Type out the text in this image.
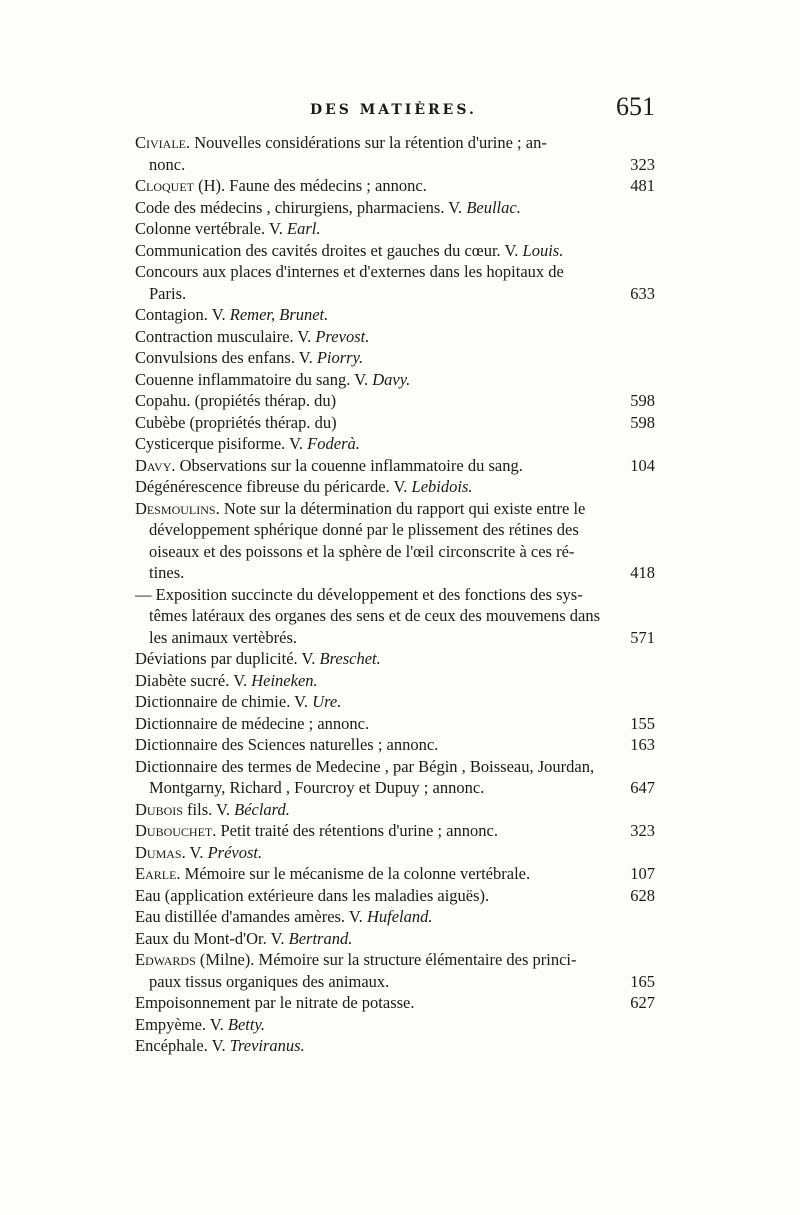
DES MATIÈRES.	651
Civiale. Nouvelles considérations sur la rétention d'urine ; an-
nonc.	323
Cloquet (H). Faune des médecins ; annonc.	481
Code des médecins , chirurgiens, pharmaciens. V. Beullac.
Colonne vertébrale. V. Earl.
Communication des cavités droites et gauches du cœur. V. Louis.
Concours aux places d'internes et d'externes dans les hopitaux de
Paris.	633
Contagion. V. Remer, Brunet.
Contraction musculaire. V. Prevost.
Convulsions des enfans. V. Piorry.
Couenne inflammatoire du sang. V. Davy.
Copahu. (propiétés thérap. du)	598
Cubèbe (propriétés thérap. du)	598
Cysticerque pisiforme. V. Foderà.
Davy. Observations sur la couenne inflammatoire du sang.	104
Dégénérescence fibreuse du péricarde. V. Lebidois.
Desmoulins. Note sur la détermination du rapport qui existe entre le
développement sphérique donné par le plissement des rétines des
oiseaux et des poissons et la sphère de l'œil circonscrite à ces ré-
tines.	418
— Exposition succincte du développement et des fonctions des sys-
têmes latéraux des organes des sens et de ceux des mouvemens dans
les animaux vertèbrés.	571
Déviations par duplicité. V. Breschet.
Diabète sucré. V. Heineken.
Dictionnaire de chimie. V. Ure.
Dictionnaire de médecine ; annonc.	155
Dictionnaire des Sciences naturelles ; annonc.	163
Dictionnaire des termes de Medecine , par Bégin , Boisseau, Jourdan,
Montgarny, Richard , Fourcroy et Dupuy ; annonc.	647
Dubois fils. V. Béclard.
Dubouchet. Petit traité des rétentions d'urine ; annonc.	323
Dumas. V. Prévost.
Earle. Mémoire sur le mécanisme de la colonne vertébrale.	107
Eau (application extérieure dans les maladies aiguës).	628
Eau distillée d'amandes amères. V. Hufeland.
Eaux du Mont-d'Or. V. Bertrand.
Edwards (Milne). Mémoire sur la structure élémentaire des princi-
paux tissus organiques des animaux.	165
Empoisonnement par le nitrate de potasse.	627
Empyème. V. Betty.
Encéphale. V. Treviranus.
